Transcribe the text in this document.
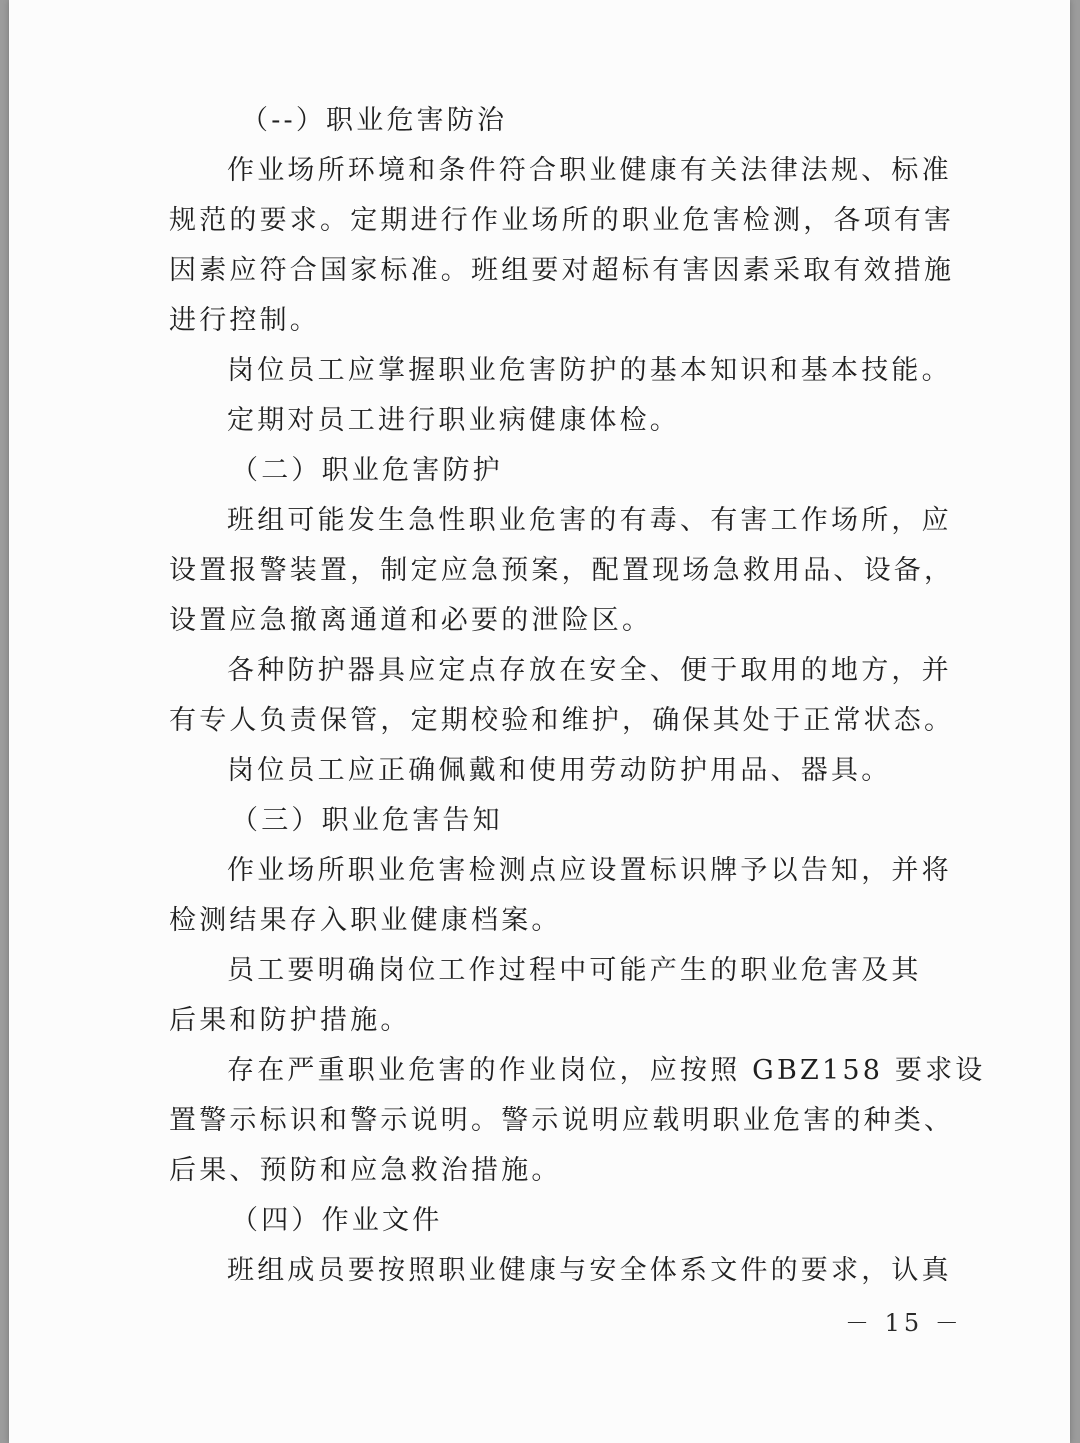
（--）职业危害防治
作业场所环境和条件符合职业健康有关法律法规、标准
规范的要求。定期进行作业场所的职业危害检测，各项有害
因素应符合国家标准。班组要对超标有害因素采取有效措施
进行控制。
岗位员工应掌握职业危害防护的基本知识和基本技能。
定期对员工进行职业病健康体检。
（二）职业危害防护
班组可能发生急性职业危害的有毒、有害工作场所，应
设置报警装置，制定应急预案，配置现场急救用品、设备，
设置应急撤离通道和必要的泄险区。
各种防护器具应定点存放在安全、便于取用的地方，并
有专人负责保管，定期校验和维护，确保其处于正常状态。
岗位员工应正确佩戴和使用劳动防护用品、器具。
（三）职业危害告知
作业场所职业危害检测点应设置标识牌予以告知，并将
检测结果存入职业健康档案。
员工要明确岗位工作过程中可能产生的职业危害及其
后果和防护措施。
存在严重职业危害的作业岗位，应按照 GBZ158 要求设
置警示标识和警示说明。警示说明应载明职业危害的种类、
后果、预防和应急救治措施。
（四）作业文件
班组成员要按照职业健康与安全体系文件的要求，认真
－ 15 －
